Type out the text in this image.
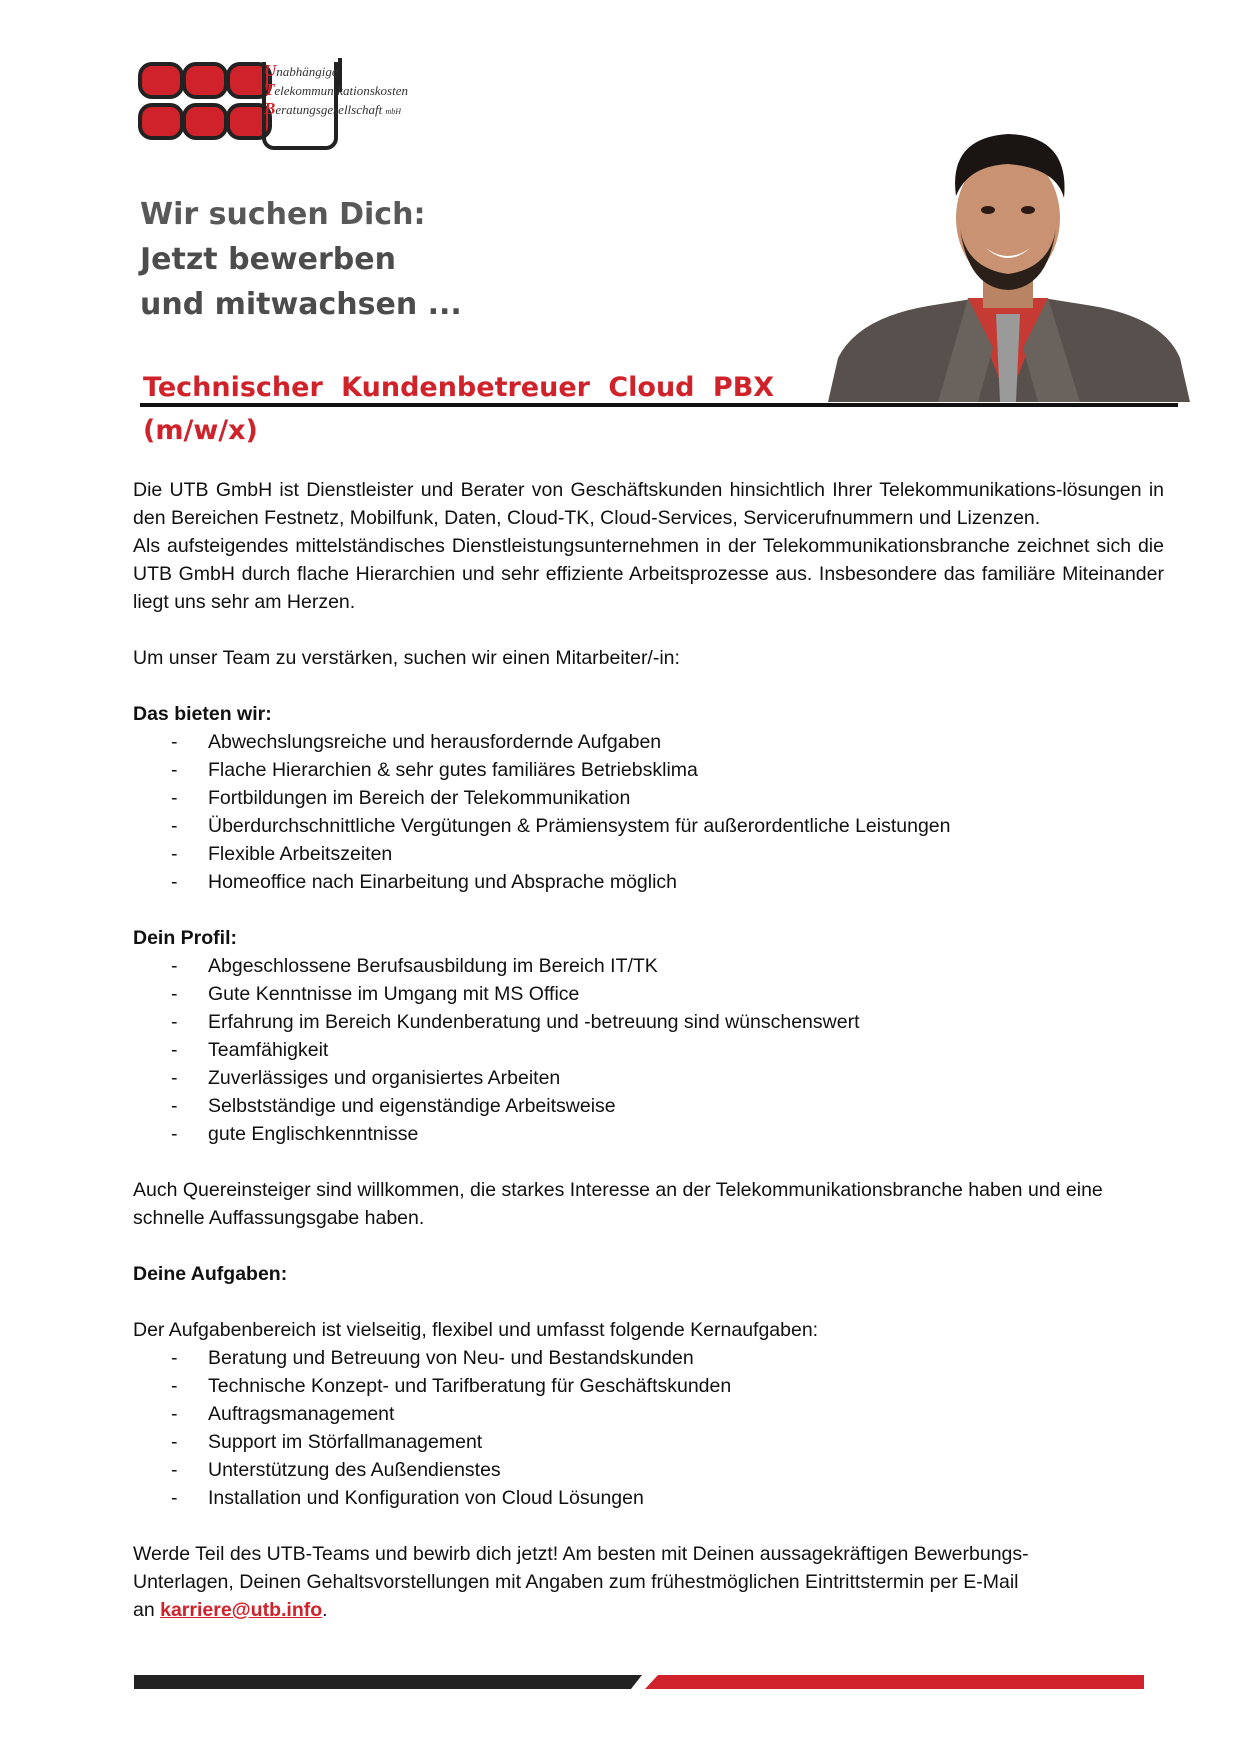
Unabhängige
Telekommunikationskosten
Beratungsgesellschaft mbH
Wir suchen Dich:
Jetzt bewerben
und mitwachsen ...
Technischer Kundenbetreuer Cloud PBX
(m/w/x)

Die UTB GmbH ist Dienstleister und Berater von Geschäftskunden hinsichtlich Ihrer Telekommunikations-lösungen in den Bereichen Festnetz, Mobilfunk, Daten, Cloud-TK, Cloud-Services, Servicerufnummern und Lizenzen.

Als aufsteigendes mittelständisches Dienstleistungsunternehmen in der Telekommunikationsbranche zeichnet sich die UTB GmbH durch flache Hierarchien und sehr effiziente Arbeitsprozesse aus. Insbesondere das familiäre Miteinander liegt uns sehr am Herzen.

Um unser Team zu verstärken, suchen wir einen Mitarbeiter/-in:

Das bieten wir:

- Abwechslungsreiche und herausfordernde Aufgaben
- Flache Hierarchien & sehr gutes familiäres Betriebsklima
- Fortbildungen im Bereich der Telekommunikation
- Überdurchschnittliche Vergütungen & Prämiensystem für außerordentliche Leistungen
- Flexible Arbeitszeiten
- Homeoffice nach Einarbeitung und Absprache möglich

Dein Profil:

- Abgeschlossene Berufsausbildung im Bereich IT/TK
- Gute Kenntnisse im Umgang mit MS Office
- Erfahrung im Bereich Kundenberatung und -betreuung sind wünschenswert
- Teamfähigkeit
- Zuverlässiges und organisiertes Arbeiten
- Selbstständige und eigenständige Arbeitsweise
- gute Englischkenntnisse

Auch Quereinsteiger sind willkommen, die starkes Interesse an der Telekommunikationsbranche haben und eine schnelle Auffassungsgabe haben.

Deine Aufgaben:

Der Aufgabenbereich ist vielseitig, flexibel und umfasst folgende Kernaufgaben:

- Beratung und Betreuung von Neu- und Bestandskunden
- Technische Konzept- und Tarifberatung für Geschäftskunden
- Auftragsmanagement
- Support im Störfallmanagement
- Unterstützung des Außendienstes
- Installation und Konfiguration von Cloud Lösungen

Werde Teil des UTB-Teams und bewirb dich jetzt! Am besten mit Deinen aussagekräftigen Bewerbungs-

Unterlagen, Deinen Gehaltsvorstellungen mit Angaben zum frühestmöglichen Eintrittstermin per E-Mail

an karriere@utb.info.
